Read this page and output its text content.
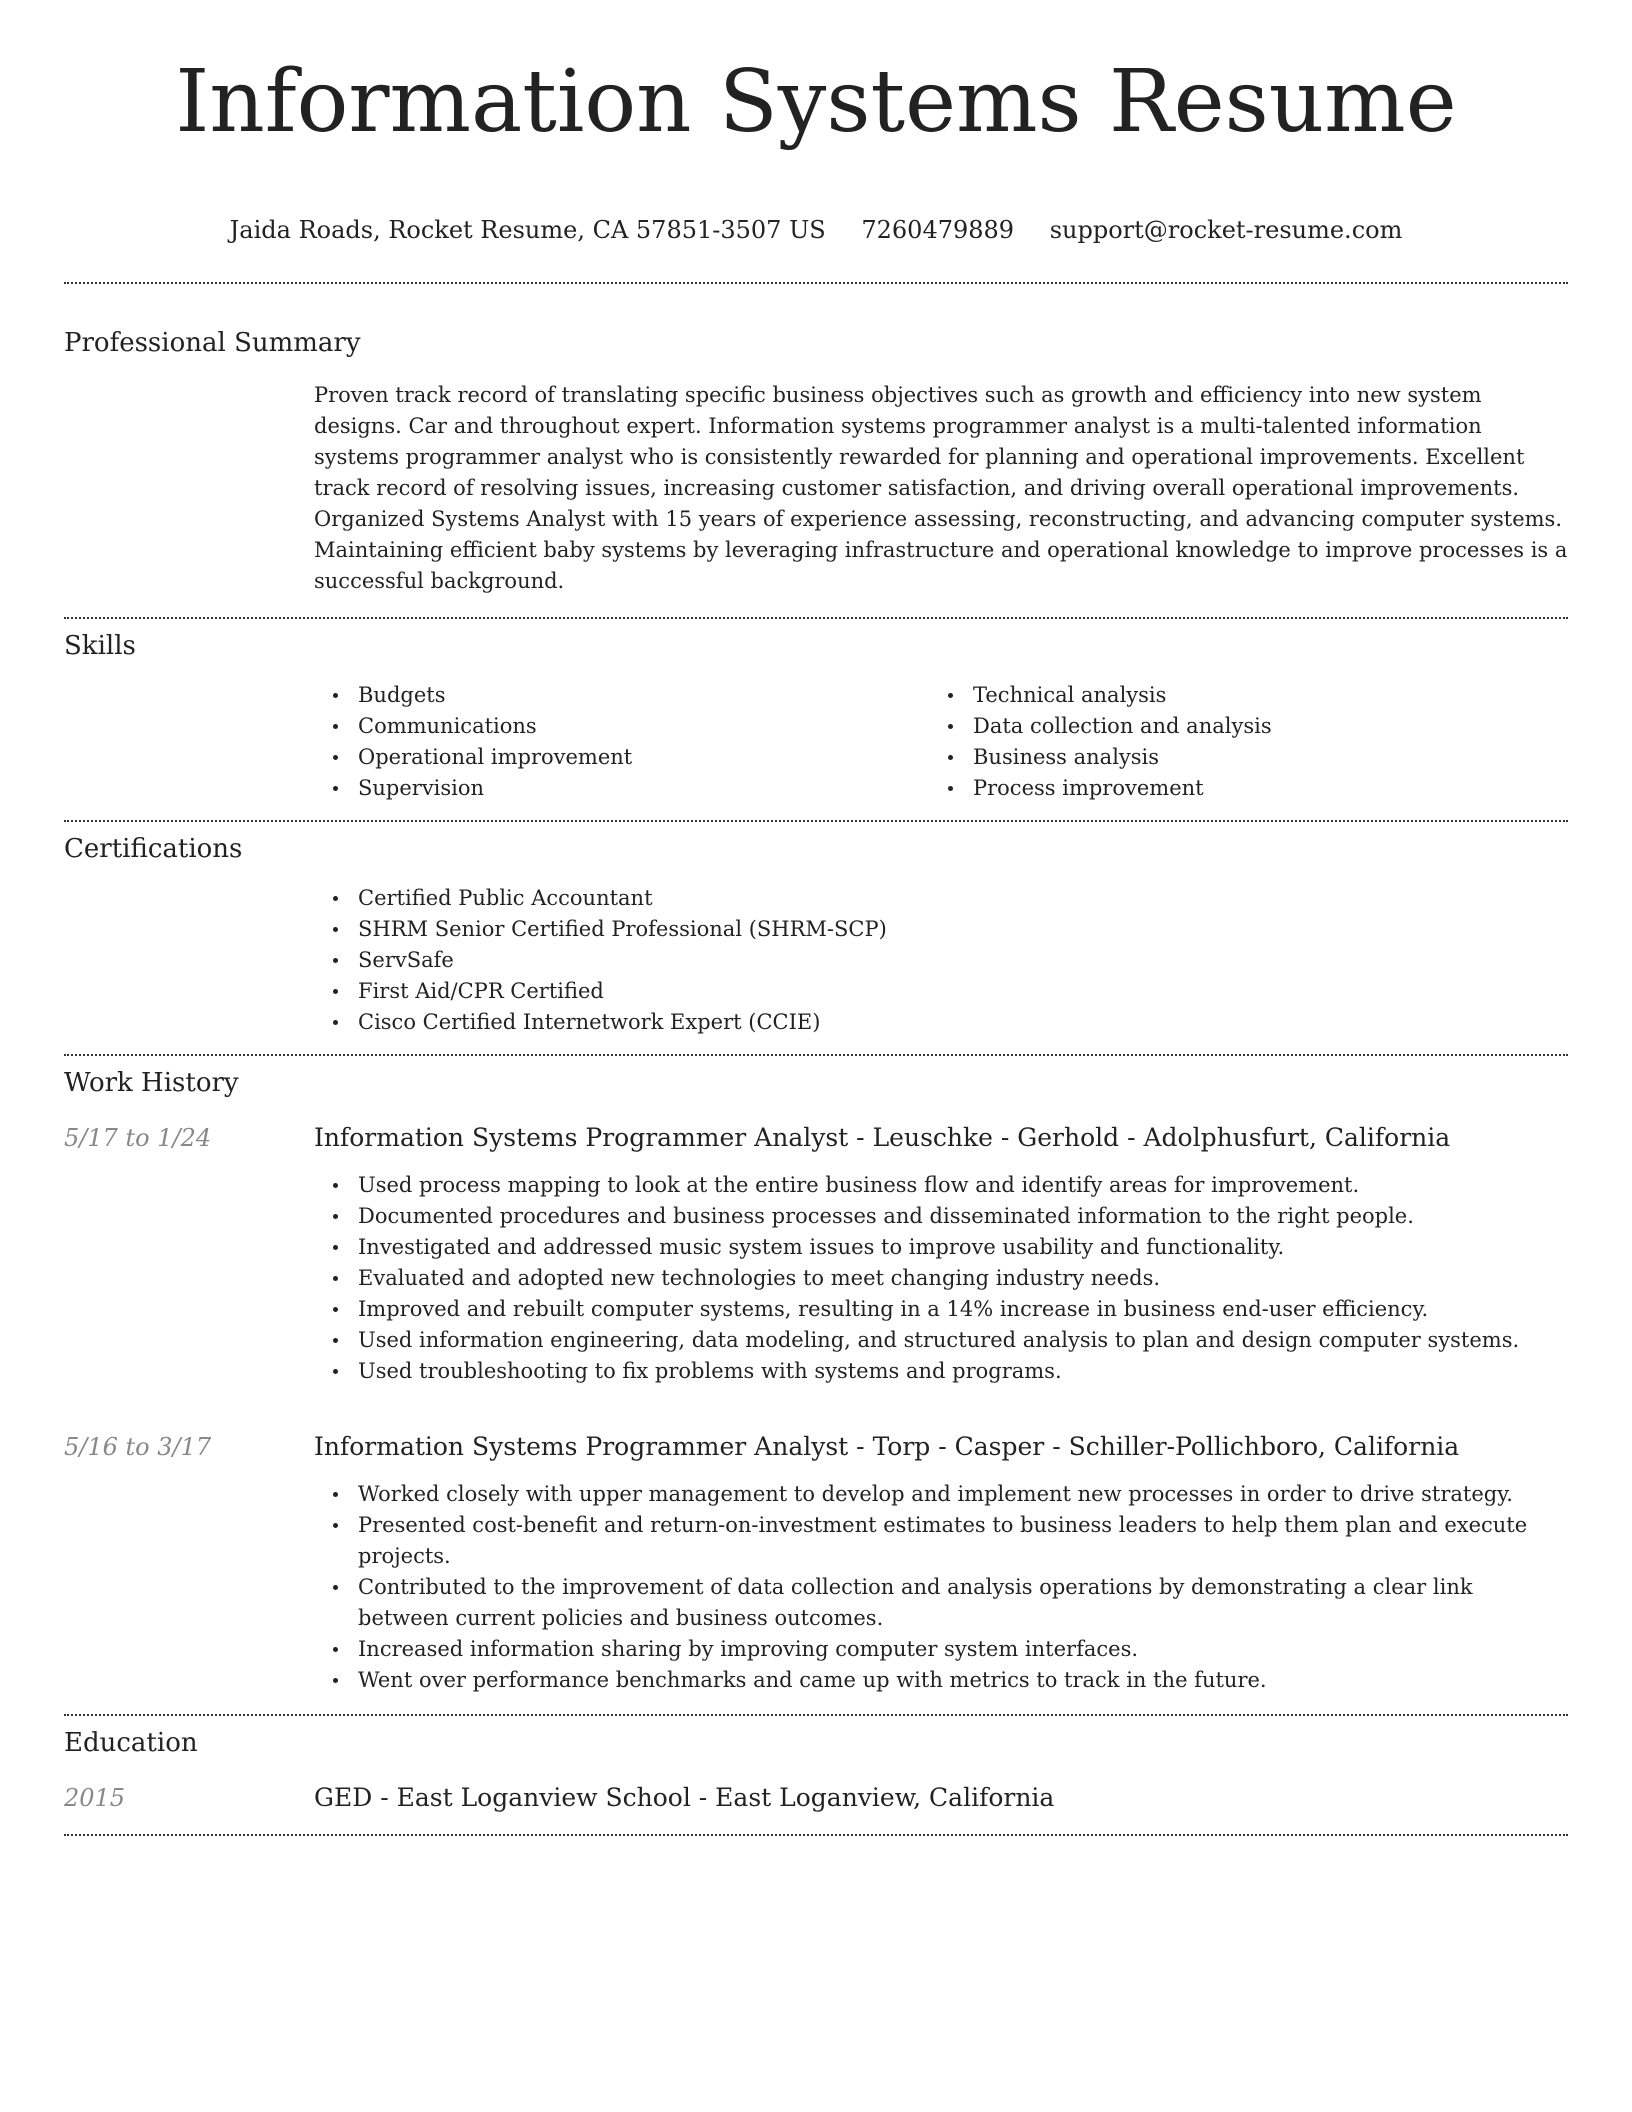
Information Systems Resume
Jaida Roads, Rocket Resume, CA 57851-3507 US 7260479889 support@rocket-resume.com
Professional Summary

Proven track record of translating specific business objectives such as growth and efficiency into new system designs. Car and throughout expert. Information systems programmer analyst is a multi-talented information systems programmer analyst who is consistently rewarded for planning and operational improvements. Excellent track record of resolving issues, increasing customer satisfaction, and driving overall operational improvements. Organized Systems Analyst with 15 years of experience assessing, reconstructing, and advancing computer systems. Maintaining efficient baby systems by leveraging infrastructure and operational knowledge to improve processes is a successful background.

Skills
Budgets
Communications
Operational improvement
Supervision
Technical analysis
Data collection and analysis
Business analysis
Process improvement
Certifications
Certified Public Accountant
SHRM Senior Certified Professional (SHRM-SCP)
ServSafe
First Aid/CPR Certified
Cisco Certified Internetwork Expert (CCIE)
Work History
5/17 to 1/24	Information Systems Programmer Analyst - Leuschke - Gerhold - Adolphusfurt, California
Used process mapping to look at the entire business flow and identify areas for improvement.
Documented procedures and business processes and disseminated information to the right people.
Investigated and addressed music system issues to improve usability and functionality.
Evaluated and adopted new technologies to meet changing industry needs.
Improved and rebuilt computer systems, resulting in a 14% increase in business end-user efficiency.
Used information engineering, data modeling, and structured analysis to plan and design computer systems.
Used troubleshooting to fix problems with systems and programs.
5/16 to 3/17	Information Systems Programmer Analyst - Torp - Casper - Schiller-Pollichboro, California
Worked closely with upper management to develop and implement new processes in order to drive strategy.
Presented cost-benefit and return-on-investment estimates to business leaders to help them plan and execute projects.
Contributed to the improvement of data collection and analysis operations by demonstrating a clear link between current policies and business outcomes.
Increased information sharing by improving computer system interfaces.
Went over performance benchmarks and came up with metrics to track in the future.
Education
2015	GED - East Loganview School - East Loganview, California
